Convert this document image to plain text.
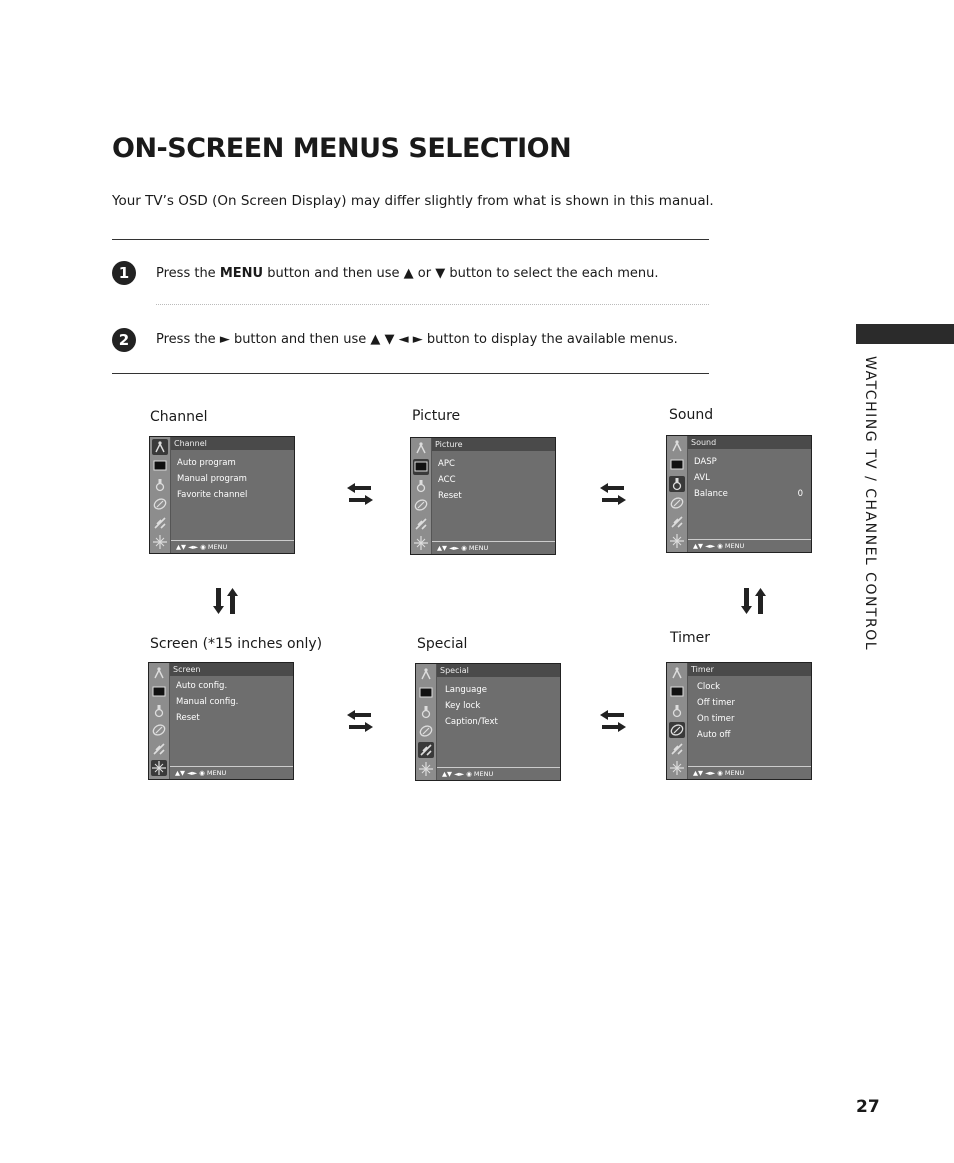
ON-SCREEN MENUS SELECTION
Your TV’s OSD (On Screen Display) may differ slightly from what is shown in this manual.
WATCHING TV / CHANNEL CONTROL
1	Press the MENU button and then use ▲ or ▼ button to select the each menu.
2	Press the ► button and then use ▲ ▼ ◄ ► button to display the available menus.
Channel	Picture	Sound
Screen (*15 inches only)	Special	Timer
Channel
Auto program
Manual program
Favorite channel
▲▼ ◄► ◉ MENU
Picture
APC
ACC
Reset
▲▼ ◄► ◉ MENU
Sound
DASP
AVL
Balance	0
▲▼ ◄► ◉ MENU
Screen
Auto config.
Manual config.
Reset
▲▼ ◄► ◉ MENU
Special
Language
Key lock
Caption/Text
▲▼ ◄► ◉ MENU
Timer
Clock
Off timer
On timer
Auto off
▲▼ ◄► ◉ MENU
27
